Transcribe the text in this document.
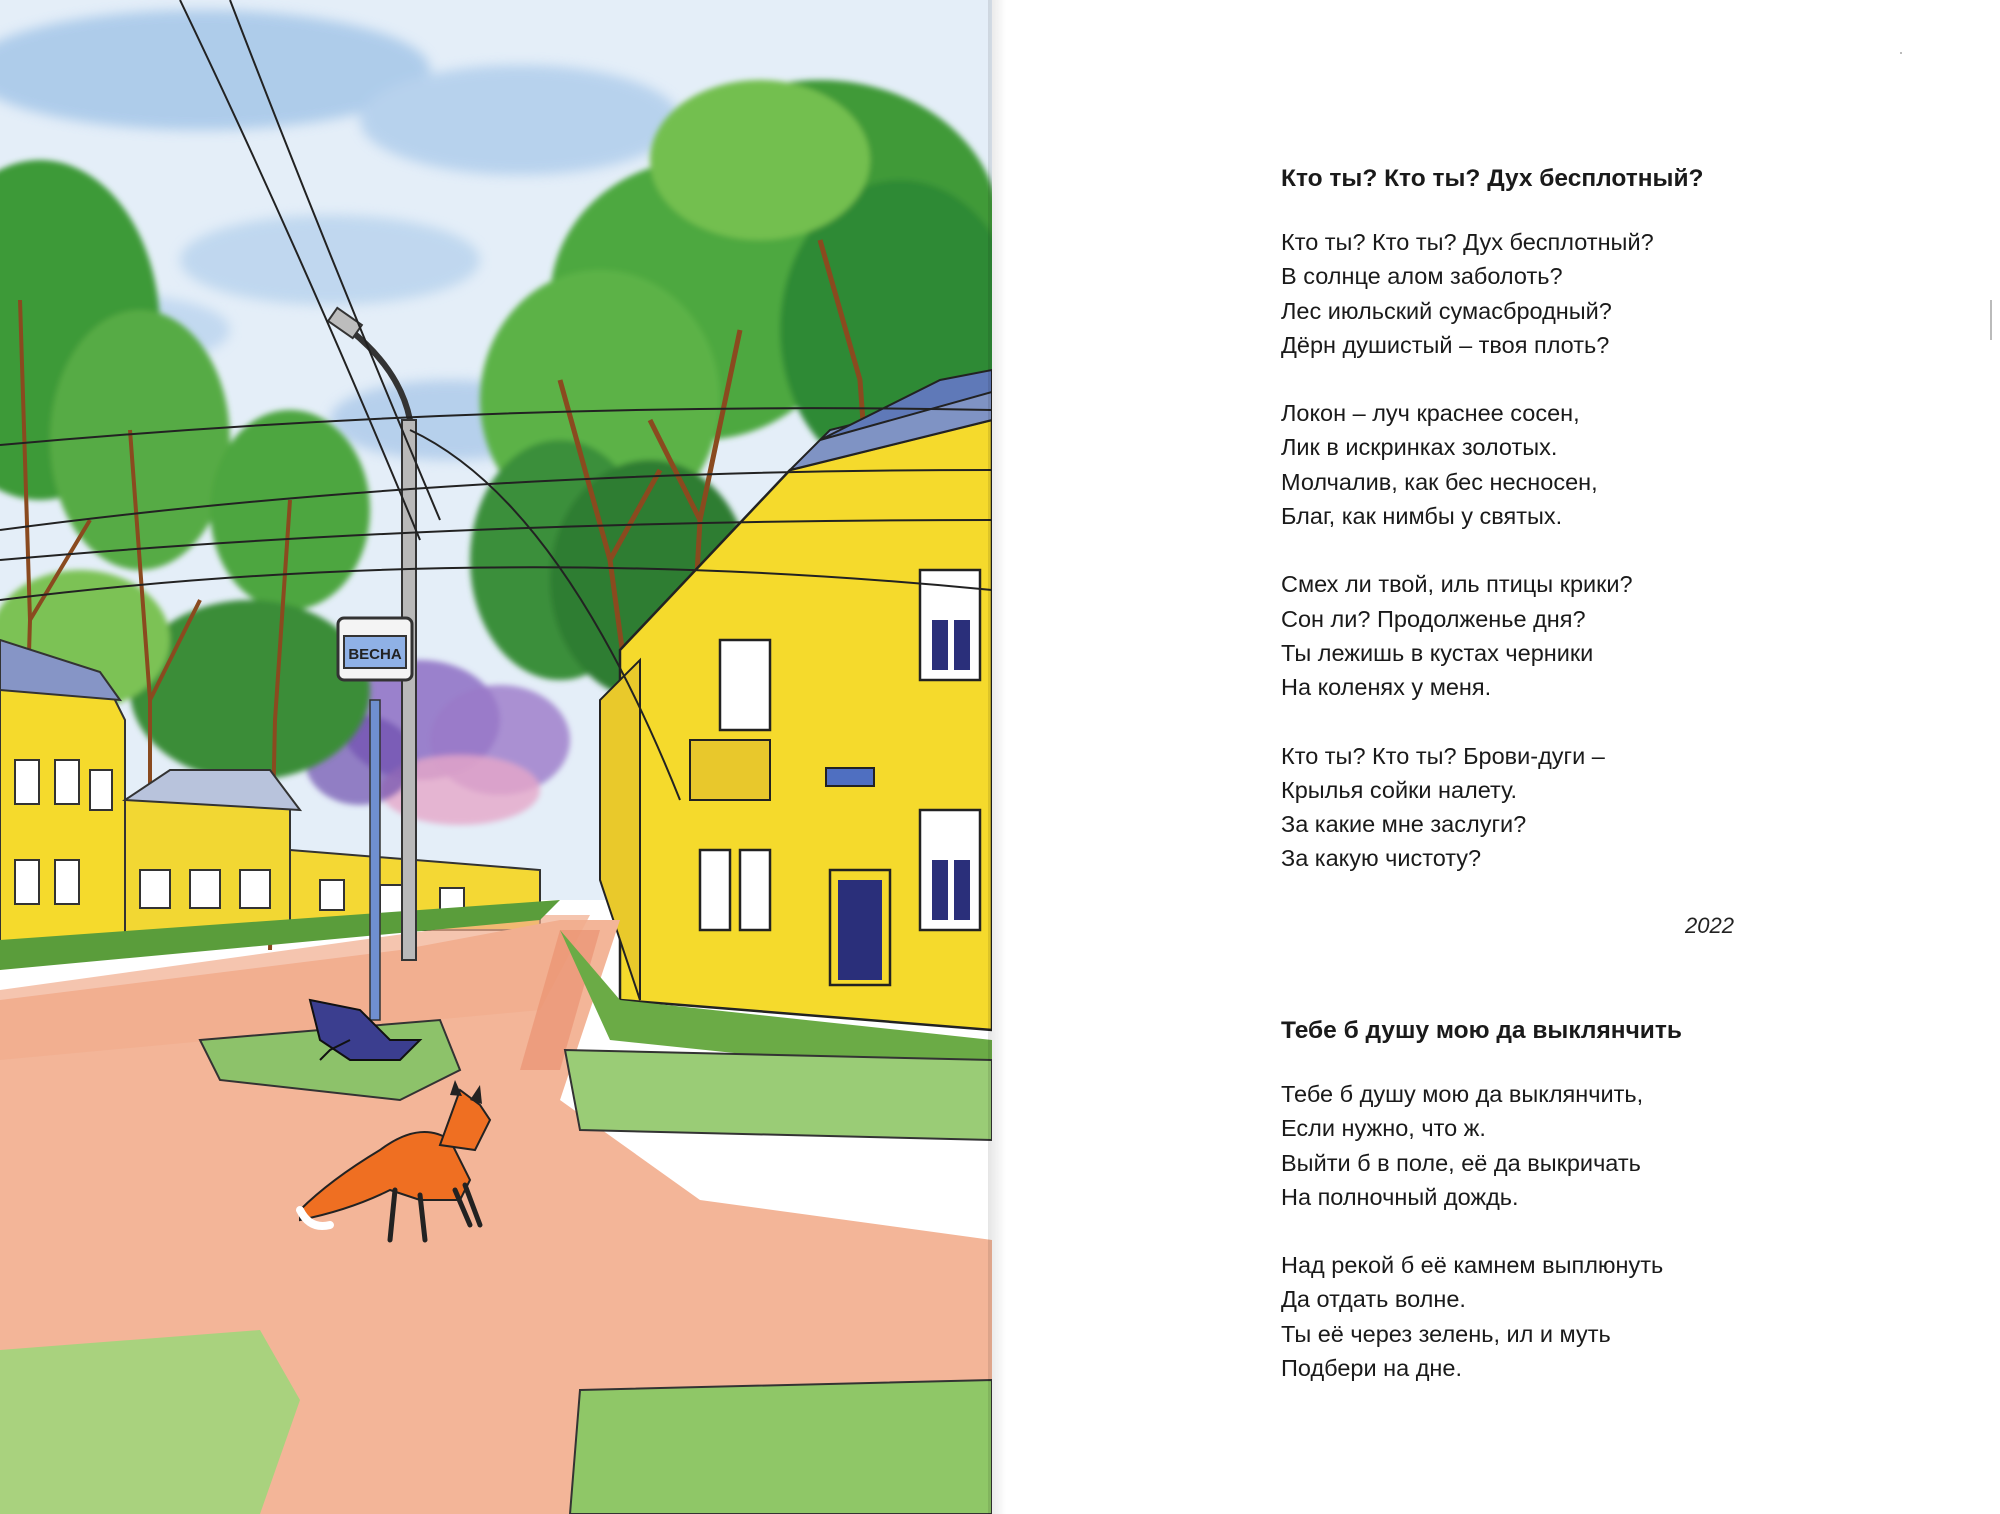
ВЕСНА
Кто ты? Кто ты? Дух бесплотный?
Кто ты? Кто ты? Дух бесплотный?
В солнце алом заболоть?
Лес июльский сумасбродный?
Дёрн душистый – твоя плоть?
Локон – луч краснее сосен,
Лик в искринках золотых.
Молчалив, как бес несносен,
Благ, как нимбы у святых.
Смех ли твой, иль птицы крики?
Сон ли? Продолженье дня?
Ты лежишь в кустах черники
На коленях у меня.
Кто ты? Кто ты? Брови-дуги –
Крылья сойки налету.
За какие мне заслуги?
За какую чистоту?
2022
Тебе б душу мою да выклянчить
Тебе б душу мою да выклянчить,
Если нужно, что ж.
Выйти б в поле, её да выкричать
На полночный дождь.
Над рекой б её камнем выплюнуть
Да отдать волне.
Ты её через зелень, ил и муть
Подбери на дне.
